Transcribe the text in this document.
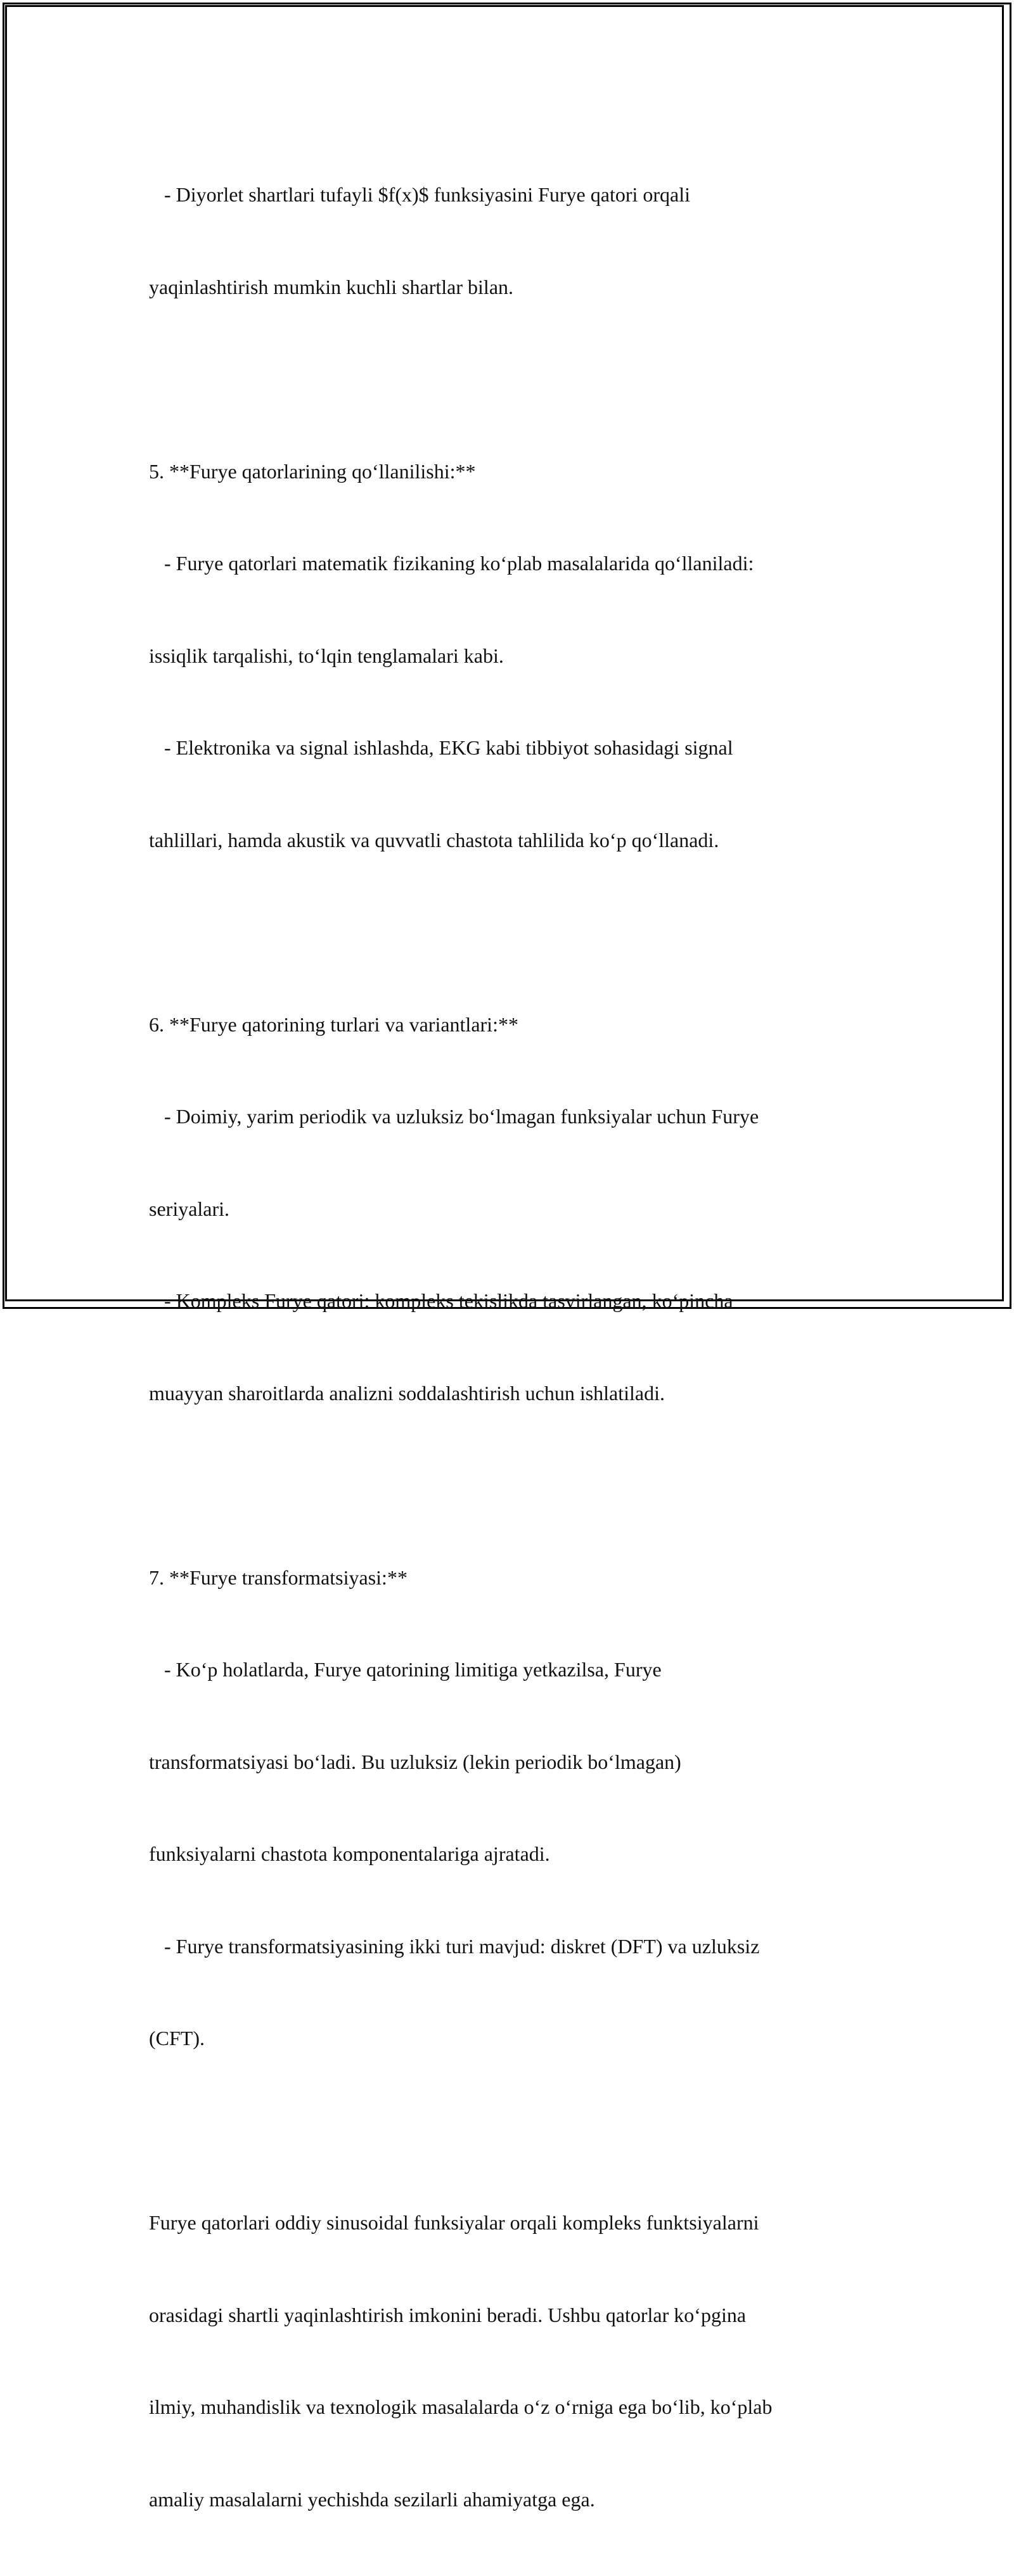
- Diyorlet shartlari tufayli $f(x)$ funksiyasini Furye qatori orqali

yaqinlashtirish mumkin kuchli shartlar bilan.

5. **Furye qatorlarining qo‘llanilishi:**

- Furye qatorlari matematik fizikaning ko‘plab masalalarida qo‘llaniladi:

issiqlik tarqalishi, to‘lqin tenglamalari kabi.

- Elektronika va signal ishlashda, EKG kabi tibbiyot sohasidagi signal

tahlillari, hamda akustik va quvvatli chastota tahlilida ko‘p qo‘llanadi.

6. **Furye qatorining turlari va variantlari:**

- Doimiy, yarim periodik va uzluksiz bo‘lmagan funksiyalar uchun Furye

seriyalari.

- Kompleks Furye qatori: kompleks tekislikda tasvirlangan, ko‘pincha

muayyan sharoitlarda analizni soddalashtirish uchun ishlatiladi.

7. **Furye transformatsiyasi:**

- Ko‘p holatlarda, Furye qatorining limitiga yetkazilsa, Furye

transformatsiyasi bo‘ladi. Bu uzluksiz (lekin periodik bo‘lmagan)

funksiyalarni chastota komponentalariga ajratadi.

- Furye transformatsiyasining ikki turi mavjud: diskret (DFT) va uzluksiz

(CFT).

Furye qatorlari oddiy sinusoidal funksiyalar orqali kompleks funktsiyalarni

orasidagi shartli yaqinlashtirish imkonini beradi. Ushbu qatorlar ko‘pgina

ilmiy, muhandislik va texnologik masalalarda o‘z o‘rniga ega bo‘lib, ko‘plab

amaliy masalalarni yechishda sezilarli ahamiyatga ega.
